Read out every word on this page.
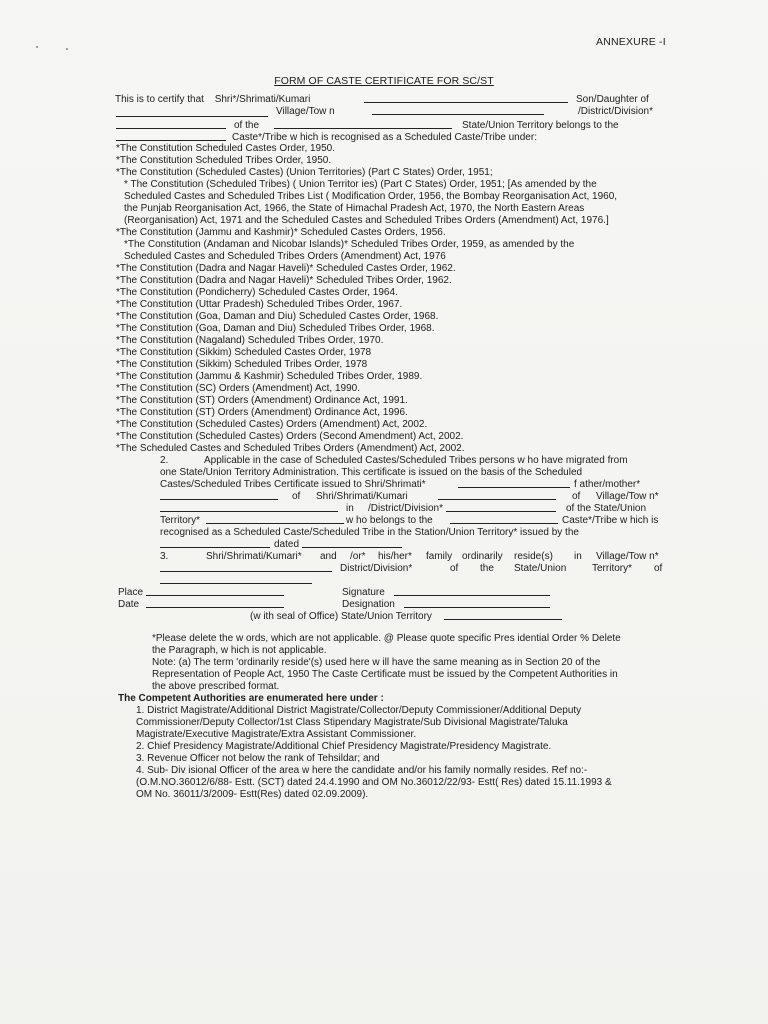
ANNEXURE -I
FORM OF CASTE CERTIFICATE FOR SC/ST
This is to certify that Shri*/Shrimati/Kumari	Son/Daughter of
Village/Tow n	/District/Division*
of the	State/Union Territory belongs to the
Caste*/Tribe w hich is recognised as a Scheduled Caste/Tribe under:
*The Constitution Scheduled Castes Order, 1950.
*The Constitution Scheduled Tribes Order, 1950.
*The Constitution (Scheduled Castes) (Union Territories) (Part C States) Order, 1951;
* The Constitution (Scheduled Tribes) ( Union Territor ies) (Part C States) Order, 1951; [As amended by the
Scheduled Castes and Scheduled Tribes List ( Modification Order, 1956, the Bombay Reorganisation Act, 1960,
the Punjab Reorganisation Act, 1966, the State of Himachal Pradesh Act, 1970, the North Eastern Areas
(Reorganisation) Act, 1971 and the Scheduled Castes and Scheduled Tribes Orders (Amendment) Act, 1976.]
*The Constitution (Jammu and Kashmir)* Scheduled Castes Orders, 1956.
*The Constitution (Andaman and Nicobar Islands)* Scheduled Tribes Order, 1959, as amended by the
Scheduled Castes and Scheduled Tribes Orders (Amendment) Act, 1976
*The Constitution (Dadra and Nagar Haveli)* Scheduled Castes Order, 1962.
*The Constitution (Dadra and Nagar Haveli)* Scheduled Tribes Order, 1962.
*The Constitution (Pondicherry) Scheduled Castes Order, 1964.
*The Constitution (Uttar Pradesh) Scheduled Tribes Order, 1967.
*The Constitution (Goa, Daman and Diu) Scheduled Castes Order, 1968.
*The Constitution (Goa, Daman and Diu) Scheduled Tribes Order, 1968.
*The Constitution (Nagaland) Scheduled Tribes Order, 1970.
*The Constitution (Sikkim) Scheduled Castes Order, 1978
*The Constitution (Sikkim) Scheduled Tribes Order, 1978
*The Constitution (Jammu & Kashmir) Scheduled Tribes Order, 1989.
*The Constitution (SC) Orders (Amendment) Act, 1990.
*The Constitution (ST) Orders (Amendment) Ordinance Act, 1991.
*The Constitution (ST) Orders (Amendment) Ordinance Act, 1996.
*The Constitution (Scheduled Castes) Orders (Amendment) Act, 2002.
*The Constitution (Scheduled Castes) Orders (Second Amendment) Act, 2002.
*The Scheduled Castes and Scheduled Tribes Orders (Amendment) Act, 2002.
2.	Applicable in the case of Scheduled Castes/Scheduled Tribes persons w ho have migrated from
one State/Union Territory Administration. This certificate is issued on the basis of the Scheduled
Castes/Scheduled Tribes Certificate issued to Shri/Shrimati*	f ather/mother*
of Shri/Shrimati/Kumari	of Village/Tow n*
in /District/Division*	of the State/Union
Territory*	w ho belongs to the	Caste*/Tribe w hich is
recognised as a Scheduled Caste/Scheduled Tribe in the Station/Union Territory* issued by the
dated
3.	Shri/Shrimati/Kumari* and /or* his/her* family ordinarily reside(s) in Village/Tow n*
District/Division*	of the State/Union	Territory* of
Place	Signature
Date	Designation
(w ith seal of Office) State/Union Territory
*Please delete the w ords, which are not applicable. @ Please quote specific Pres idential Order % Delete
the Paragraph, w hich is not applicable.
Note: (a) The term 'ordinarily reside'(s) used here w ill have the same meaning as in Section 20 of the
Representation of People Act, 1950 The Caste Certificate must be issued by the Competent Authorities in
the above prescribed format.
The Competent Authorities are enumerated here under :
1. District Magistrate/Additional District Magistrate/Collector/Deputy Commissioner/Additional Deputy
Commissioner/Deputy Collector/1st Class Stipendary Magistrate/Sub Divisional Magistrate/Taluka
Magistrate/Executive Magistrate/Extra Assistant Commissioner.
2. Chief Presidency Magistrate/Additional Chief Presidency Magistrate/Presidency Magistrate.
3. Revenue Officer not below the rank of Tehsildar; and
4. Sub- Div isional Officer of the area w here the candidate and/or his family normally resides. Ref no:-
(O.M.NO.36012/6/88- Estt. (SCT) dated 24.4.1990 and OM No.36012/22/93- Estt( Res) dated 15.11.1993 &
OM No. 36011/3/2009- Estt(Res) dated 02.09.2009).
